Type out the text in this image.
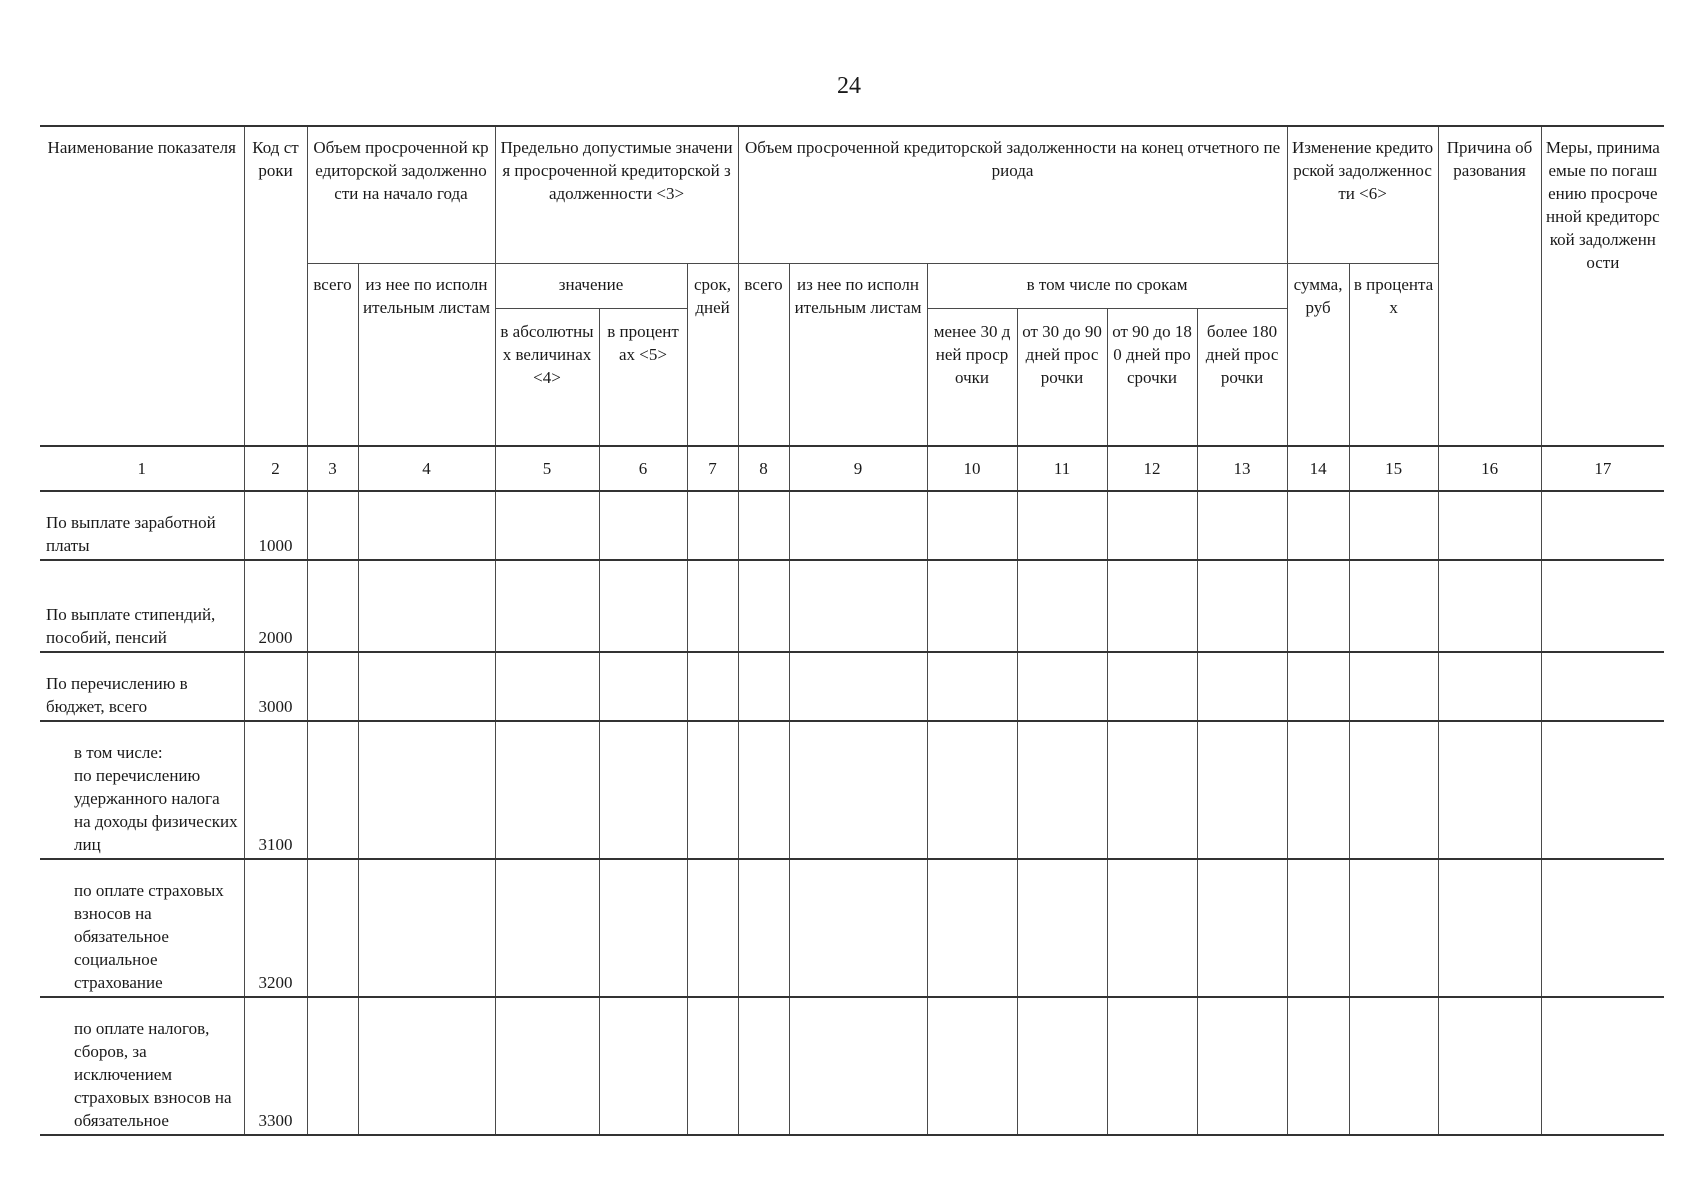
24
Наименование показателя	Код строки	Объем просроченной кредиторской задолженности на начало года		Предельно допустимые значения просроченной кредиторской задолженности <3>			Объем просроченной кредиторской задолженности на конец отчетного периода						Изменение кредиторской задолженности <6>		Причина образования	Меры, принимаемые по погашению просроченной кредиторской задолженности
		всего	из нее по исполнительным листам	значение		срок, дней	всего	из нее по исполнительным листам	в том числе по срокам				сумма, руб	в процентах		
				в абсолютных величинах <4>	в процентах <5>				менее 30 дней просрочки	от 30 до 90 дней просрочки	от 90 до 180 дней просрочки	более 180 дней просрочки				
1	2	3	4	5	6	7	8	9	10	11	12	13	14	15	16	17
По выплате заработной платы	1000															
По выплате стипендий, пособий, пенсий	2000															
По перечислению в бюджет, всего	3000															

в том числе:
по перечислению удержанного налога на доходы физических лиц	3100															
по оплате страховых взносов на обязательное социальное страхование	3200															
по оплате налогов, сборов, за исключением страховых взносов на обязательное	3300															
